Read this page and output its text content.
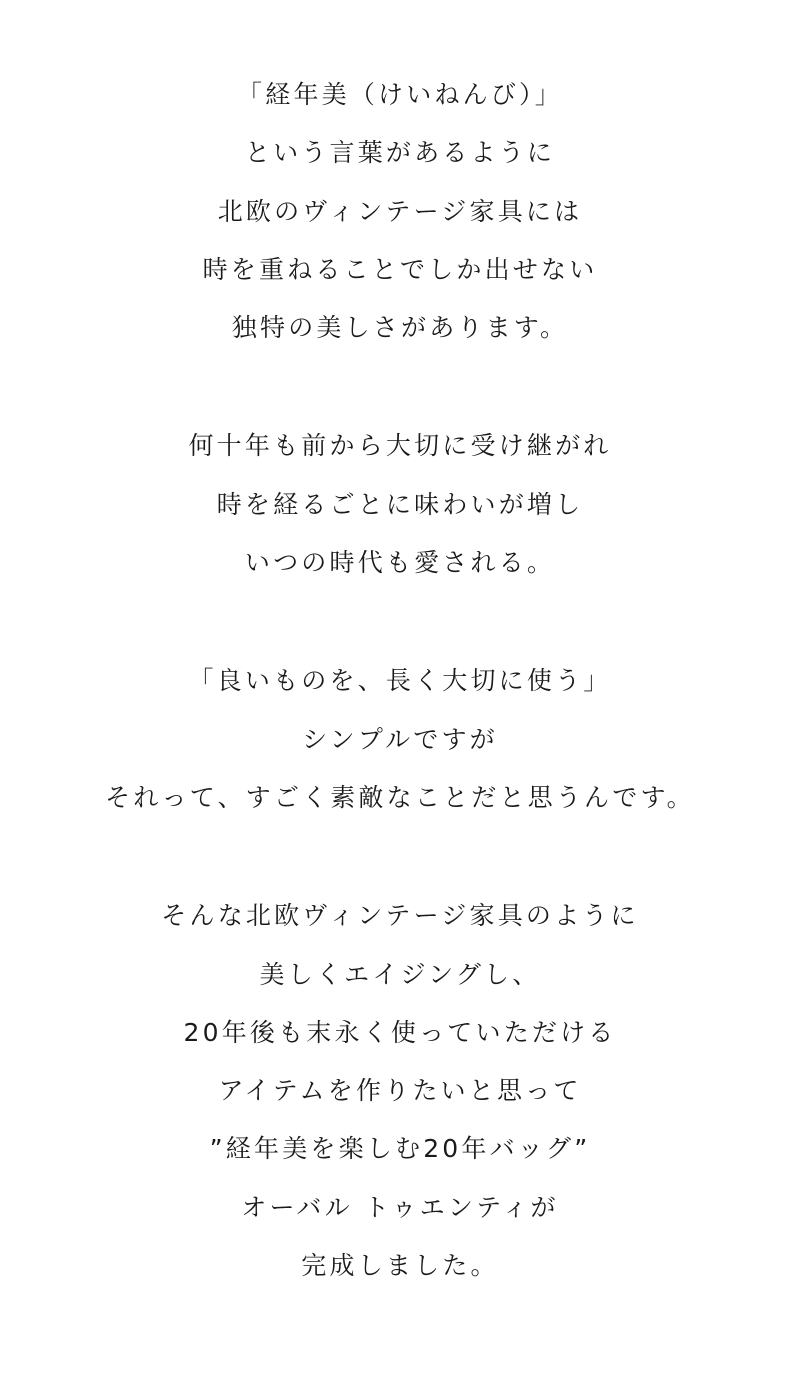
「経年美（けいねんび）」
という言葉があるように
北欧のヴィンテージ家具には
時を重ねることでしか出せない
独特の美しさがあります。
何十年も前から大切に受け継がれ
時を経るごとに味わいが増し
いつの時代も愛される。
「良いものを、長く大切に使う」
シンプルですが
それって、すごく素敵なことだと思うんです。
そんな北欧ヴィンテージ家具のように
美しくエイジングし、
20年後も末永く使っていただける
アイテムを作りたいと思って
”経年美を楽しむ20年バッグ”
オーバル トゥエンティが
完成しました。
